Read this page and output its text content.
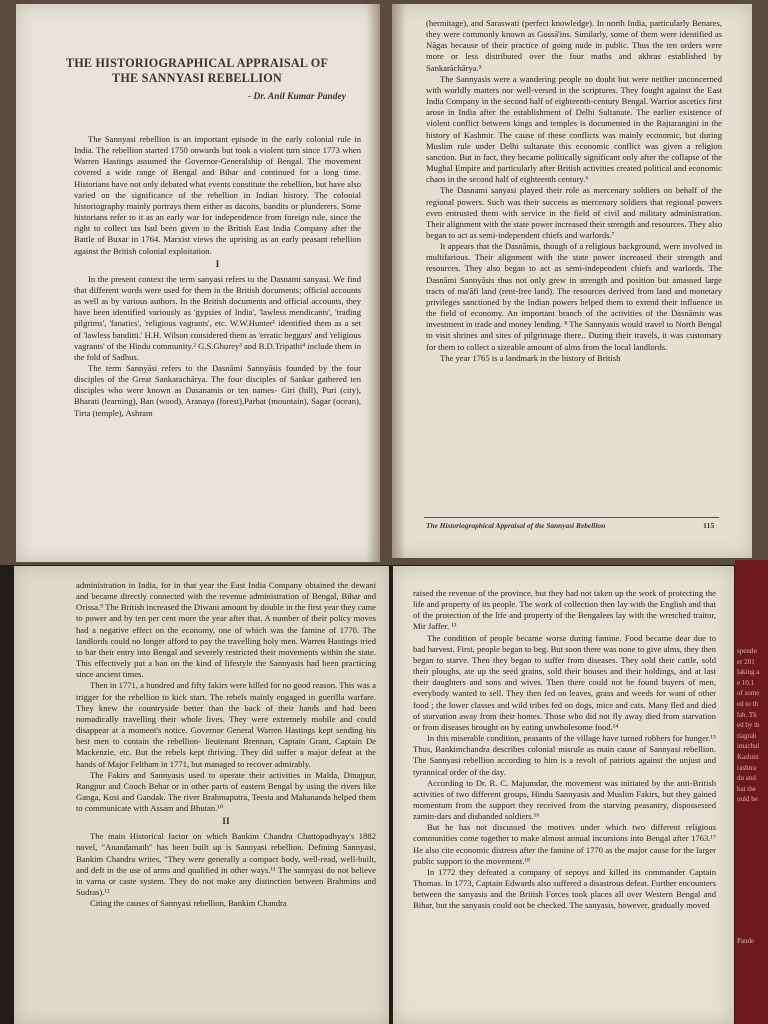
spendu
er 201
laking a
e 10.1
of some
ed to th
lah. Th
ed by th
tiagrah
imachal
Kashmi
rashtra
du and
hat the
ould be
Pande
THE HISTORIOGRAPHICAL APPRAISAL OF THE SANNYASI REBELLION
- Dr. Anil Kumar Pandey

The Sannyasi rebellion is an important episode in the early colonial rule in India. The rebellion started 1750 onwards but took a violent turn since 1773 when Warren Hastings assumed the Governor-Generalship of Bengal. The movement covered a wide range of Bengal and Bihar and continued for a long time. Historians have not only debated what events constitute the rebellion, but have also varied on the significance of the rebellion in Indian history. The colonial historiography mainly portrays them either as dacoits, bandits or plunderers. Some historians refer to it as an early war for independence from foreign rule, since the right to collect tax had been given to the British East India Company after the Battle of Buxar in 1764. Marxist views the uprising as an early peasant rebellion against the British colonial exploitation.

I

In the present context the term sanyasi refers to the Dasnami sanyasi. We find that different words were used for them in the British documents; official accounts as well as by various authors. In the British documents and official accounts, they have been identified variously as 'gypsies of India', 'lawless mendicants', 'trading pilgrims', 'fanatics', 'religious vagrants', etc. W.W.Hunter¹ identified them as a set of 'lawless banditti.' H.H. Wilson considered them as 'erratic beggars' and 'religious vagrants' of the Hindu community.² G.S.Ghurey³ and B.D.Tripathi⁴ include them in the fold of Sadhus.

The term Sannyāsi refers to the Dasnāmi Sannyāsis founded by the four disciples of the Great Sankarachārya. The four disciples of Sankar gathered ten disciples who were known as Dasanamis or ten names- Giri (hill), Puri (city), Bharati (learning), Ban (wood), Aranaya (forest),Parbat (mountain), Sagar (ocean), Tirta (temple), Ashram

(hermitage), and Saraswati (perfect knowledge). In north India, particularly Benares, they were commonly known as Gossā'ins. Similarly, some of them were identified as Nāgas because of their practice of going nude in public. Thus the ten orders were more or less distributed over the four maths and akhras established by Sankarāchārya.⁵

The Sannyasis were a wandering people no doubt but were neither unconcerned with worldly matters nor well-versed in the scriptures. They fought against the East India Company in the second half of eighteenth-century Bengal. Warrior ascetics first arose in India after the establishment of Delhi Sultanate. The earlier existence of violent conflict between kings and temples is documented in the Rajtarangini in the history of Kashmir. The cause of these conflicts was mainly economic, but during Muslim rule under Delhi sultanate this economic conflict was given a religion sanction. But in fact, they became politically significant only after the collapse of the Mughal Empire and particularly after British activities created political and economic chaos in the second half of eighteenth century.⁶

The Dasnami sanyasi played their role as mercenary soldiers on behalf of the regional powers. Such was their success as mercenary soldiers that regional powers even entrusted them with service in the field of civil and military administration. Their alignment with the state power increased their strength and resources. They also began to act as semi-independent chiefs and warlords.⁷

It appears that the Dasnāmis, though of a religious background, were involved in multifarious. Their alignment with the state power increased their strength and resources. They also began to act as semi-independent chiefs and warlords. The Dasnāmi Sannyāsis thus not only grew in strength and position but amassed large tracts of ma'āfi land (rent-free land). The resources derived from land and monetary privileges sanctioned by the Indian powers helped them to extend their influence in the field of economy. An important branch of the activities of the Dasnāmis was investment in trade and money lending. ⁸ The Sannyasis would travel to North Bengal to visit shrines and sites of pilgrimage there.. During their travels, it was customary for them to collect a sizeable amount of alms from the local landlords.

The year 1765 is a landmark in the history of British

The Historiographical Appraisal of the Sannyasi Rebellion	115

administration in India, for in that year the East India Company obtained the dewani and became directly connected with the revenue administration of Bengal, Bihar and Orissa.⁹ The British increased the Diwani amount by double in the first year they came to power and by ten per cent more the year after that. A number of their policy moves had a negative effect on the economy, one of which was the famine of 1770. The landlords could no longer afford to pay the travelling holy men. Warren Hastings tried to bar their entry into Bengal and severely restricted their movements within the state. This effectively put a ban on the kind of lifestyle the Sannyasis had been practicing since ancient times.

Then in 1771, a hundred and fifty fakirs were killed for no good reason. This was a trigger for the rebellion to kick start. The rebels mainly engaged in guerilla warfare. They knew the countryside better than the back of their hands and had been nomadically travelling their whole lives. They were extremely mobile and could disappear at a moment's notice. Governor General Warren Hastings kept sending his best men to contain the rebellion- lieutenant Brennan, Captain Grant, Captain De Mackenzie, etc. But the rebels kept thriving. They did suffer a major defeat at the hands of Major Feltham in 1771, but managed to recover admirably.

The Fakirs and Sannyasis used to operate their activities in Malda, Dinajpur, Rangpur and Cooch Behar or in other parts of eastern Bengal by using the rivers like Ganga, Kosi and Gandak. The river Brahmaputra, Teesta and Mahananda helped them to communicate with Assam and Bhutan.¹⁰

II

The main Historical factor on which Bankim Chandra Chattopadhyay's 1882 novel, "Anandamath" has been built up is Sannyasi rebellion. Defining Sannyasi, Bankim Chandra writes, "They were generally a compact body, well-read, well-built, and deft in the use of arms and qualified in other ways.¹¹ The sannyasi do not believe in varna or caste system. They do not make any distinction between Brahmins and Sudras).¹²

Citing the causes of Sannyasi rebellion, Bankim Chandra

raised the revenue of the province, but they had not taken up the work of protecting the life and property of its people. The work of collection then lay with the English and that of the protection of the life and property of the Bengalees lay with the wretched traitor, Mir Jaffer. ¹³

The condition of people became worse during famine. Food became dear due to bad harvest. First, people began to beg. But soon there was none to give alms, they then began to starve. Then they began to suffer from diseases. They sold their cattle, sold their ploughs, ate up the seed grains, sold their houses and their holdings, and at last their daughters and sons and wives. Then there could not be found buyers of men, everybody wanted to sell. They then fed on leaves, grass and weeds for want of other food ; the lower classes and wild tribes fed on dogs, mice and cats. Many fled and died of starvation away from their homes. Those who did not fly away died from starvation or from diseases brought on by eating unwholesome food.¹⁴

In this miserable condition, peasants of the village have turned robbers for hunger.¹⁵ Thus, Bankimchandra describes colonial misrule as main cause of Sannyasi rebellion. The Sannyasi rebellion according to him is a revolt of patriots against the unjust and tyrannical order of the day.

According to Dr. R. C. Majumdar, the movement was initiated by the anti-British activities of two different groups, Hindu Sannyasis and Muslim Fakirs, but they gained momentum from the support they received from the starving peasantry, dispossessed zamin-dars and disbanded soldiers.¹⁶

But he has not discussed the motives under which two different religious communities come together to make almost annual incursions into Bengal after 1763.¹⁷ He also cite economic distress after the famine of 1770 as the major cause for the larger public support to the movement.¹⁸

In 1772 they defeated a company of sepoys and killed its commander Captain Thomas. In 1773, Captain Edwards also suffered a disastrous defeat. Further encounters between the sanyasis and the British Forces took places all over Western Bengal and Bihar, but the sanyasis could not be checked. The sanyasis, however, gradually moved
